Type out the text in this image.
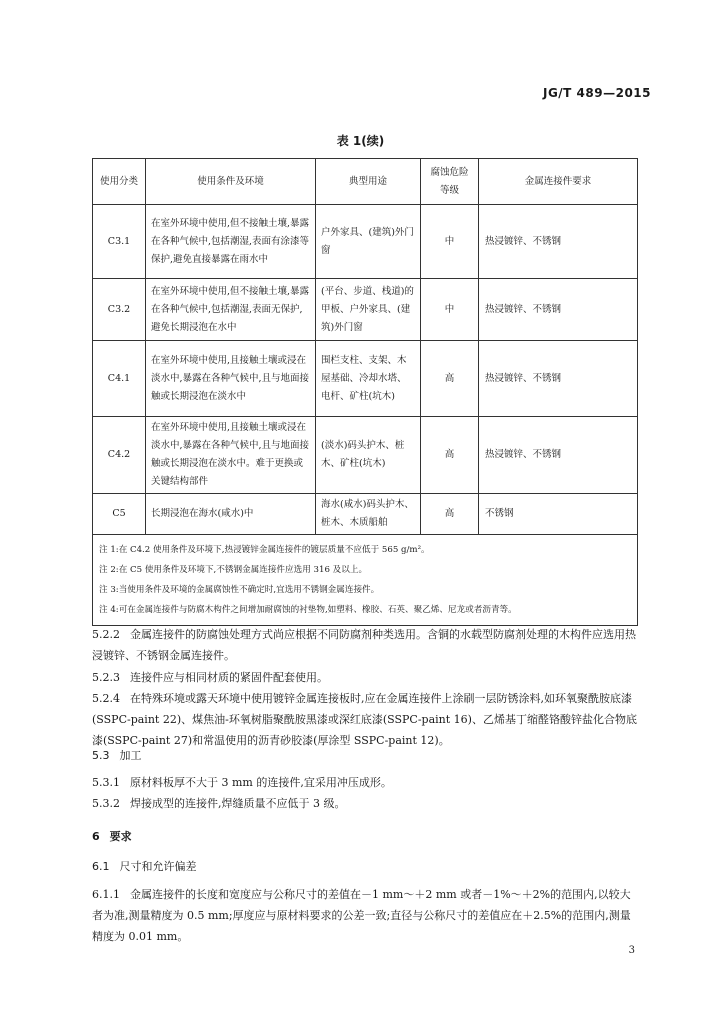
JG/T 489—2015
表 1(续)
使用分类	使用条件及环境	典型用途	腐蚀危险等级	金属连接件要求
C3.1	在室外环境中使用,但不接触土壤,暴露在各种气候中,包括潮湿,表面有涂漆等保护,避免直接暴露在雨水中	户外家具、(建筑)外门窗	中	热浸镀锌、不锈钢
C3.2	在室外环境中使用,但不接触土壤,暴露在各种气候中,包括潮湿,表面无保护,避免长期浸泡在水中	(平台、步道、栈道)的甲板、户外家具、(建筑)外门窗	中	热浸镀锌、不锈钢
C4.1	在室外环境中使用,且接触土壤或浸在淡水中,暴露在各种气候中,且与地面接触或长期浸泡在淡水中	围栏支柱、支架、木屋基础、冷却水塔、电杆、矿柱(坑木)	高	热浸镀锌、不锈钢
C4.2	在室外环境中使用,且接触土壤或浸在淡水中,暴露在各种气候中,且与地面接触或长期浸泡在淡水中。难于更换或关键结构部件	(淡水)码头护木、桩木、矿柱(坑木)	高	热浸镀锌、不锈钢
C5	长期浸泡在海水(咸水)中	海水(咸水)码头护木、桩木、木质船舶	高	不锈钢

注 1:在 C4.2 使用条件及环境下,热浸镀锌金属连接件的镀层质量不应低于 565 g/m²。
注 2:在 C5 使用条件及环境下,不锈钢金属连接件应选用 316 及以上。
注 3:当使用条件及环境的金属腐蚀性不确定时,宜选用不锈钢金属连接件。
注 4:可在金属连接件与防腐木构件之间增加耐腐蚀的衬垫物,如塑料、橡胶、石英、聚乙烯、尼龙或者沥青等。				
5.2.2 金属连接件的防腐蚀处理方式尚应根据不同防腐剂种类选用。含铜的水载型防腐剂处理的木构件应选用热浸镀锌、不锈钢金属连接件。
5.2.3 连接件应与相同材质的紧固件配套使用。
5.2.4 在特殊环境或露天环境中使用镀锌金属连接板时,应在金属连接件上涂刷一层防锈涂料,如环氧聚酰胺底漆(SSPC-paint 22)、煤焦油-环氧树脂聚酰胺黑漆或深红底漆(SSPC-paint 16)、乙烯基丁缩醛铬酸锌盐化合物底漆(SSPC-paint 27)和常温使用的沥青砂胶漆(厚涂型 SSPC-paint 12)。
5.3 加工
5.3.1 原材料板厚不大于 3 mm 的连接件,宜采用冲压成形。
5.3.2 焊接成型的连接件,焊缝质量不应低于 3 级。
6 要求
6.1 尺寸和允许偏差
6.1.1 金属连接件的长度和宽度应与公称尺寸的差值在－1 mm～＋2 mm 或者－1%～＋2%的范围内,以较大者为准,测量精度为 0.5 mm;厚度应与原材料要求的公差一致;直径与公称尺寸的差值应在＋2.5%的范围内,测量精度为 0.01 mm。
3
